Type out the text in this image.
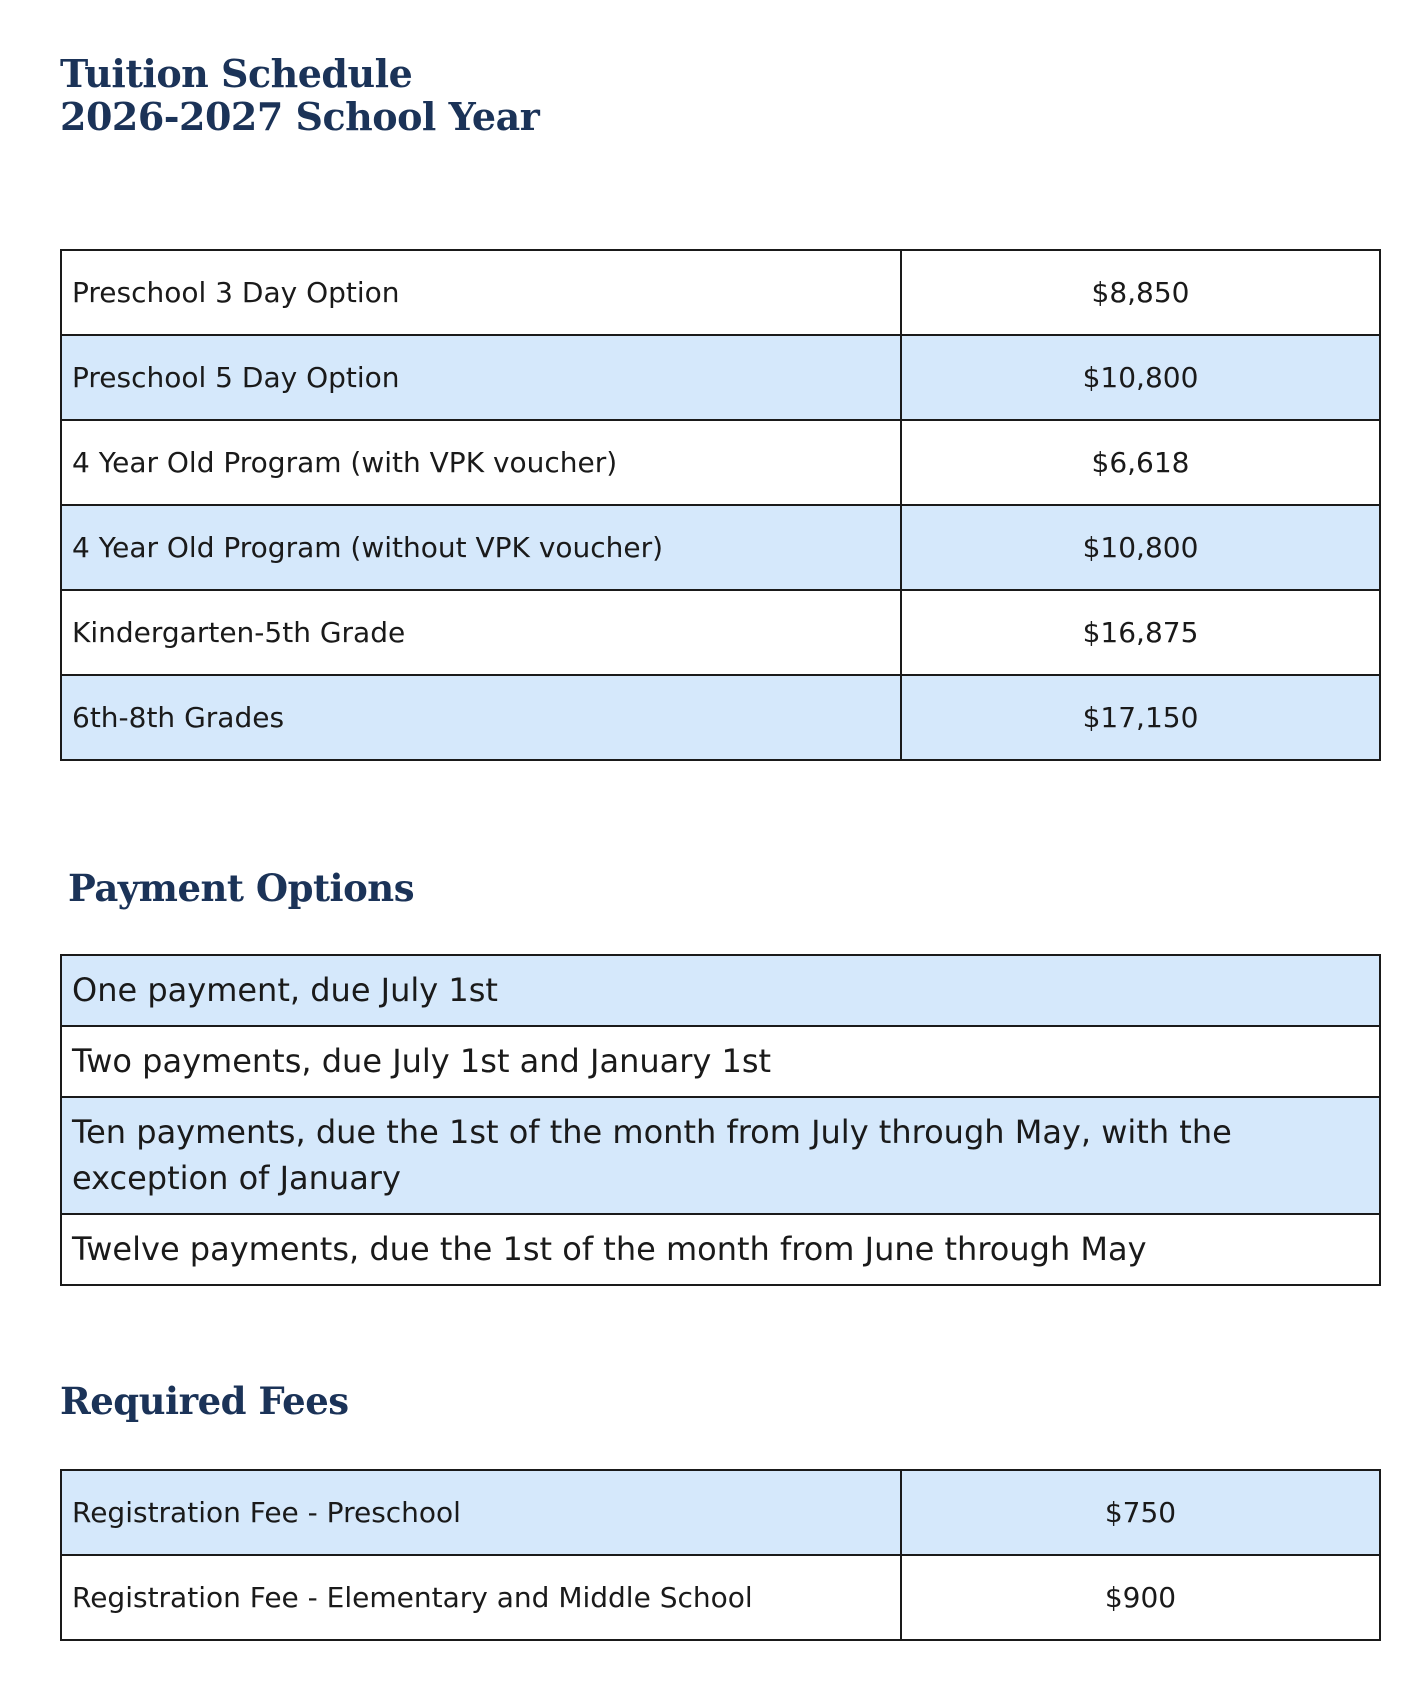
Tuition Schedule
2026-2027 School Year
Preschool 3 Day Option	$8,850
Preschool 5 Day Option	$10,800
4 Year Old Program (with VPK voucher)	$6,618
4 Year Old Program (without VPK voucher)	$10,800
Kindergarten-5th Grade	$16,875
6th-8th Grades	$17,150
Payment Options
One payment, due July 1st
Two payments, due July 1st and January 1st
Ten payments, due the 1st of the month from July through May, with the exception of January
Twelve payments, due the 1st of the month from June through May
Required Fees
Registration Fee - Preschool	$750
Registration Fee - Elementary and Middle School	$900
